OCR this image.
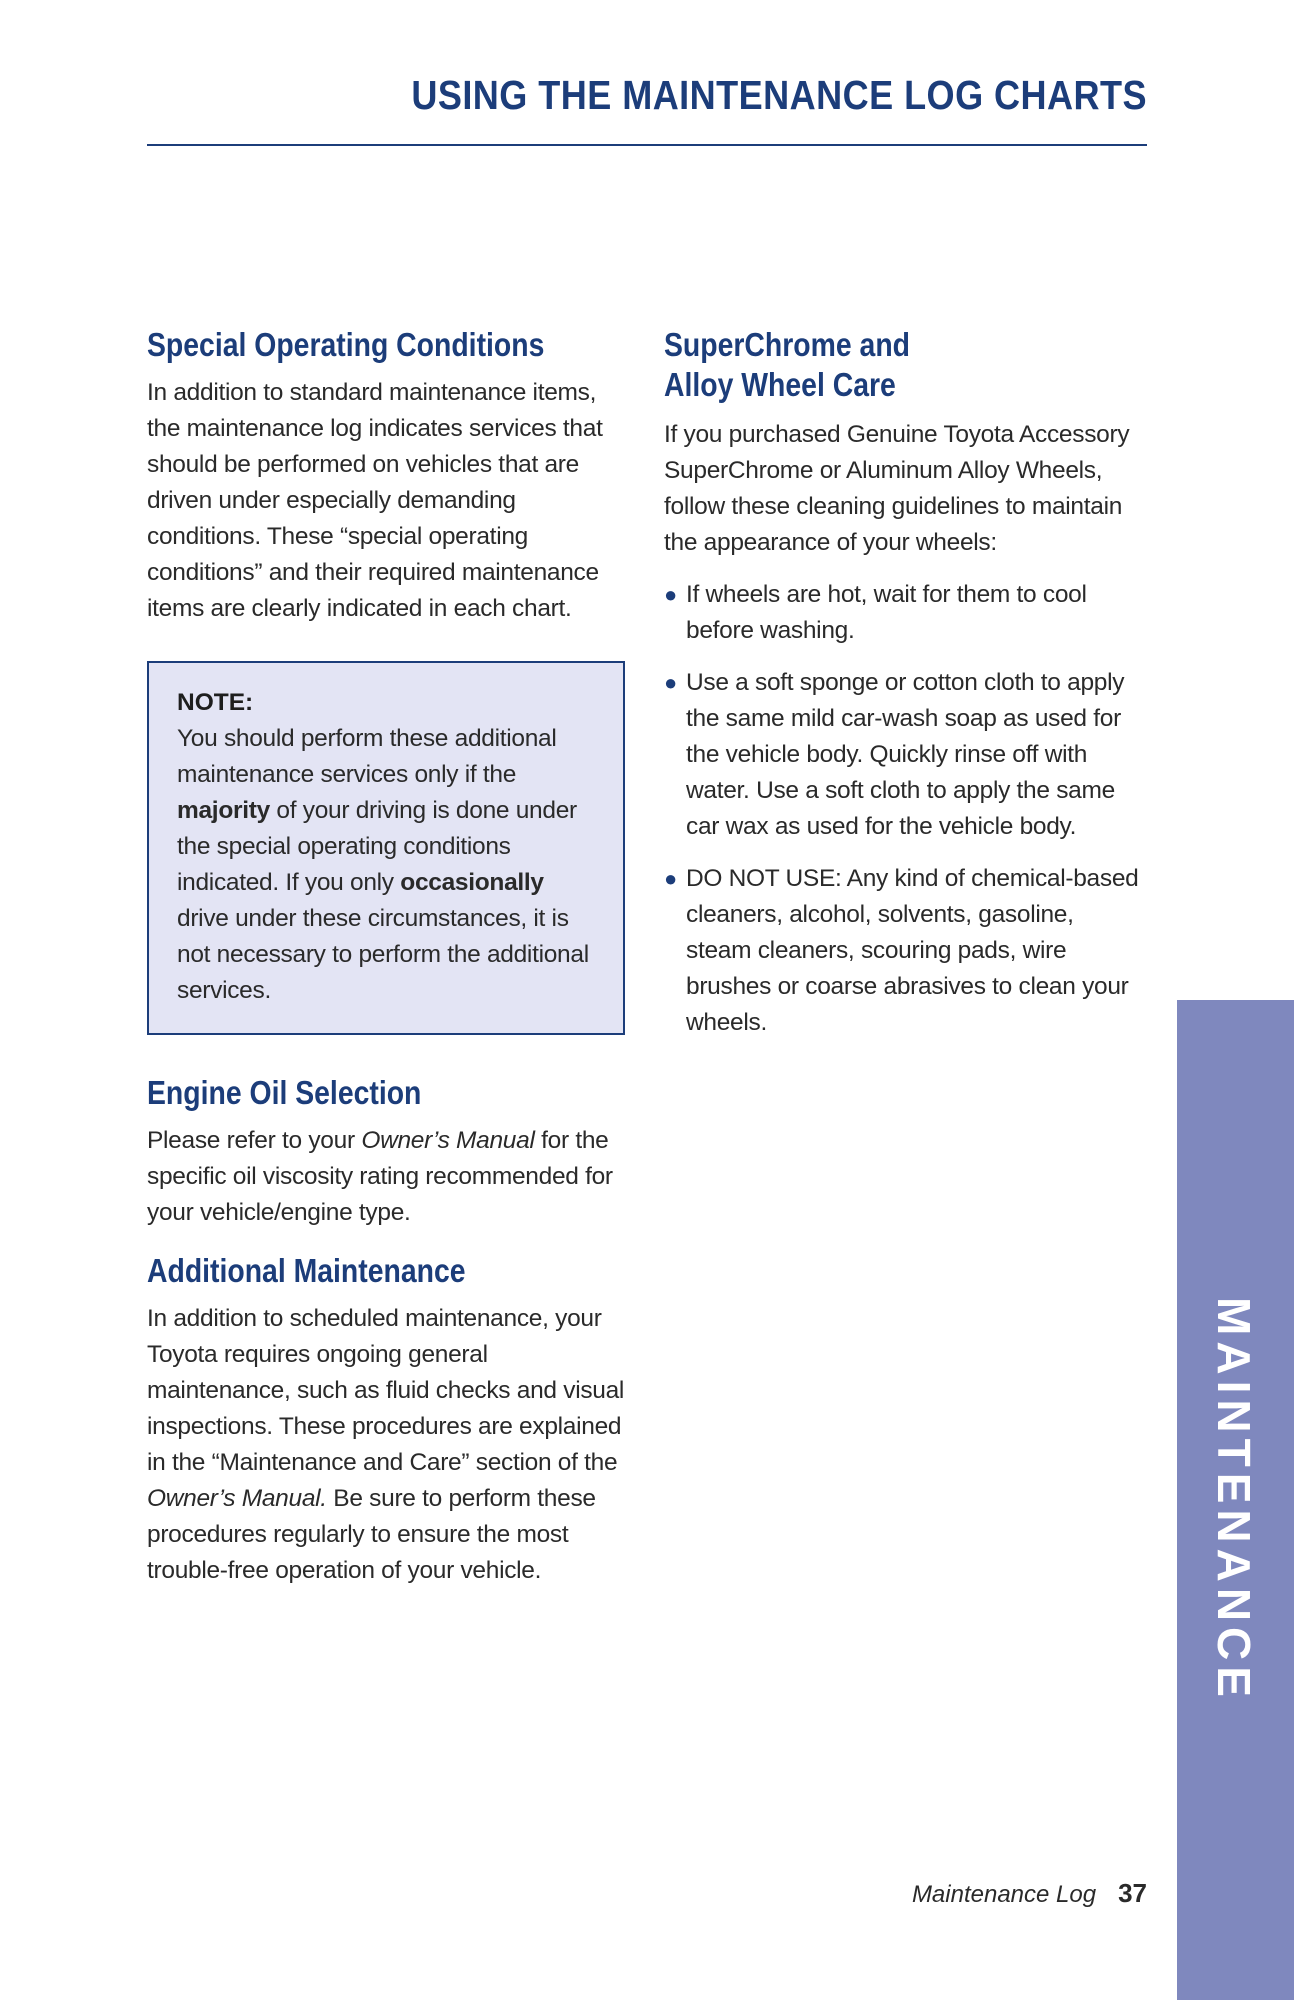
USING THE MAINTENANCE LOG CHARTS
Special Operating Conditions

In addition to standard maintenance items, the maintenance log indicates services that should be performed on vehicles that are driven under especially demanding conditions. These “special operating conditions” and their required maintenance items are clearly indicated in each chart.

NOTE:

You should perform these additional maintenance services only if the majority of your driving is done under the special operating conditions indicated. If you only occasionally drive under these circumstances, it is not necessary to perform the additional services.

Engine Oil Selection

Please refer to your Owner’s Manual for the specific oil viscosity rating recommended for your vehicle/engine type.

Additional Maintenance

In addition to scheduled maintenance, your Toyota requires ongoing general maintenance, such as fluid checks and visual inspections. These procedures are explained in the “Maintenance and Care” section of the Owner’s Manual. Be sure to perform these procedures regularly to ensure the most trouble-free operation of your vehicle.

SuperChrome and
Alloy Wheel Care

If you purchased Genuine Toyota Accessory SuperChrome or Aluminum Alloy Wheels, follow these cleaning guidelines to maintain the appearance of your wheels:

● If wheels are hot, wait for them to cool before washing.
● Use a soft sponge or cotton cloth to apply the same mild car-wash soap as used for the vehicle body. Quickly rinse off with water. Use a soft cloth to apply the same car wax as used for the vehicle body.
● DO NOT USE: Any kind of chemical-based cleaners, alcohol, solvents, gasoline, steam cleaners, scouring pads, wire brushes or coarse abrasives to clean your wheels.
MAINTENANCE
Maintenance Log 37
